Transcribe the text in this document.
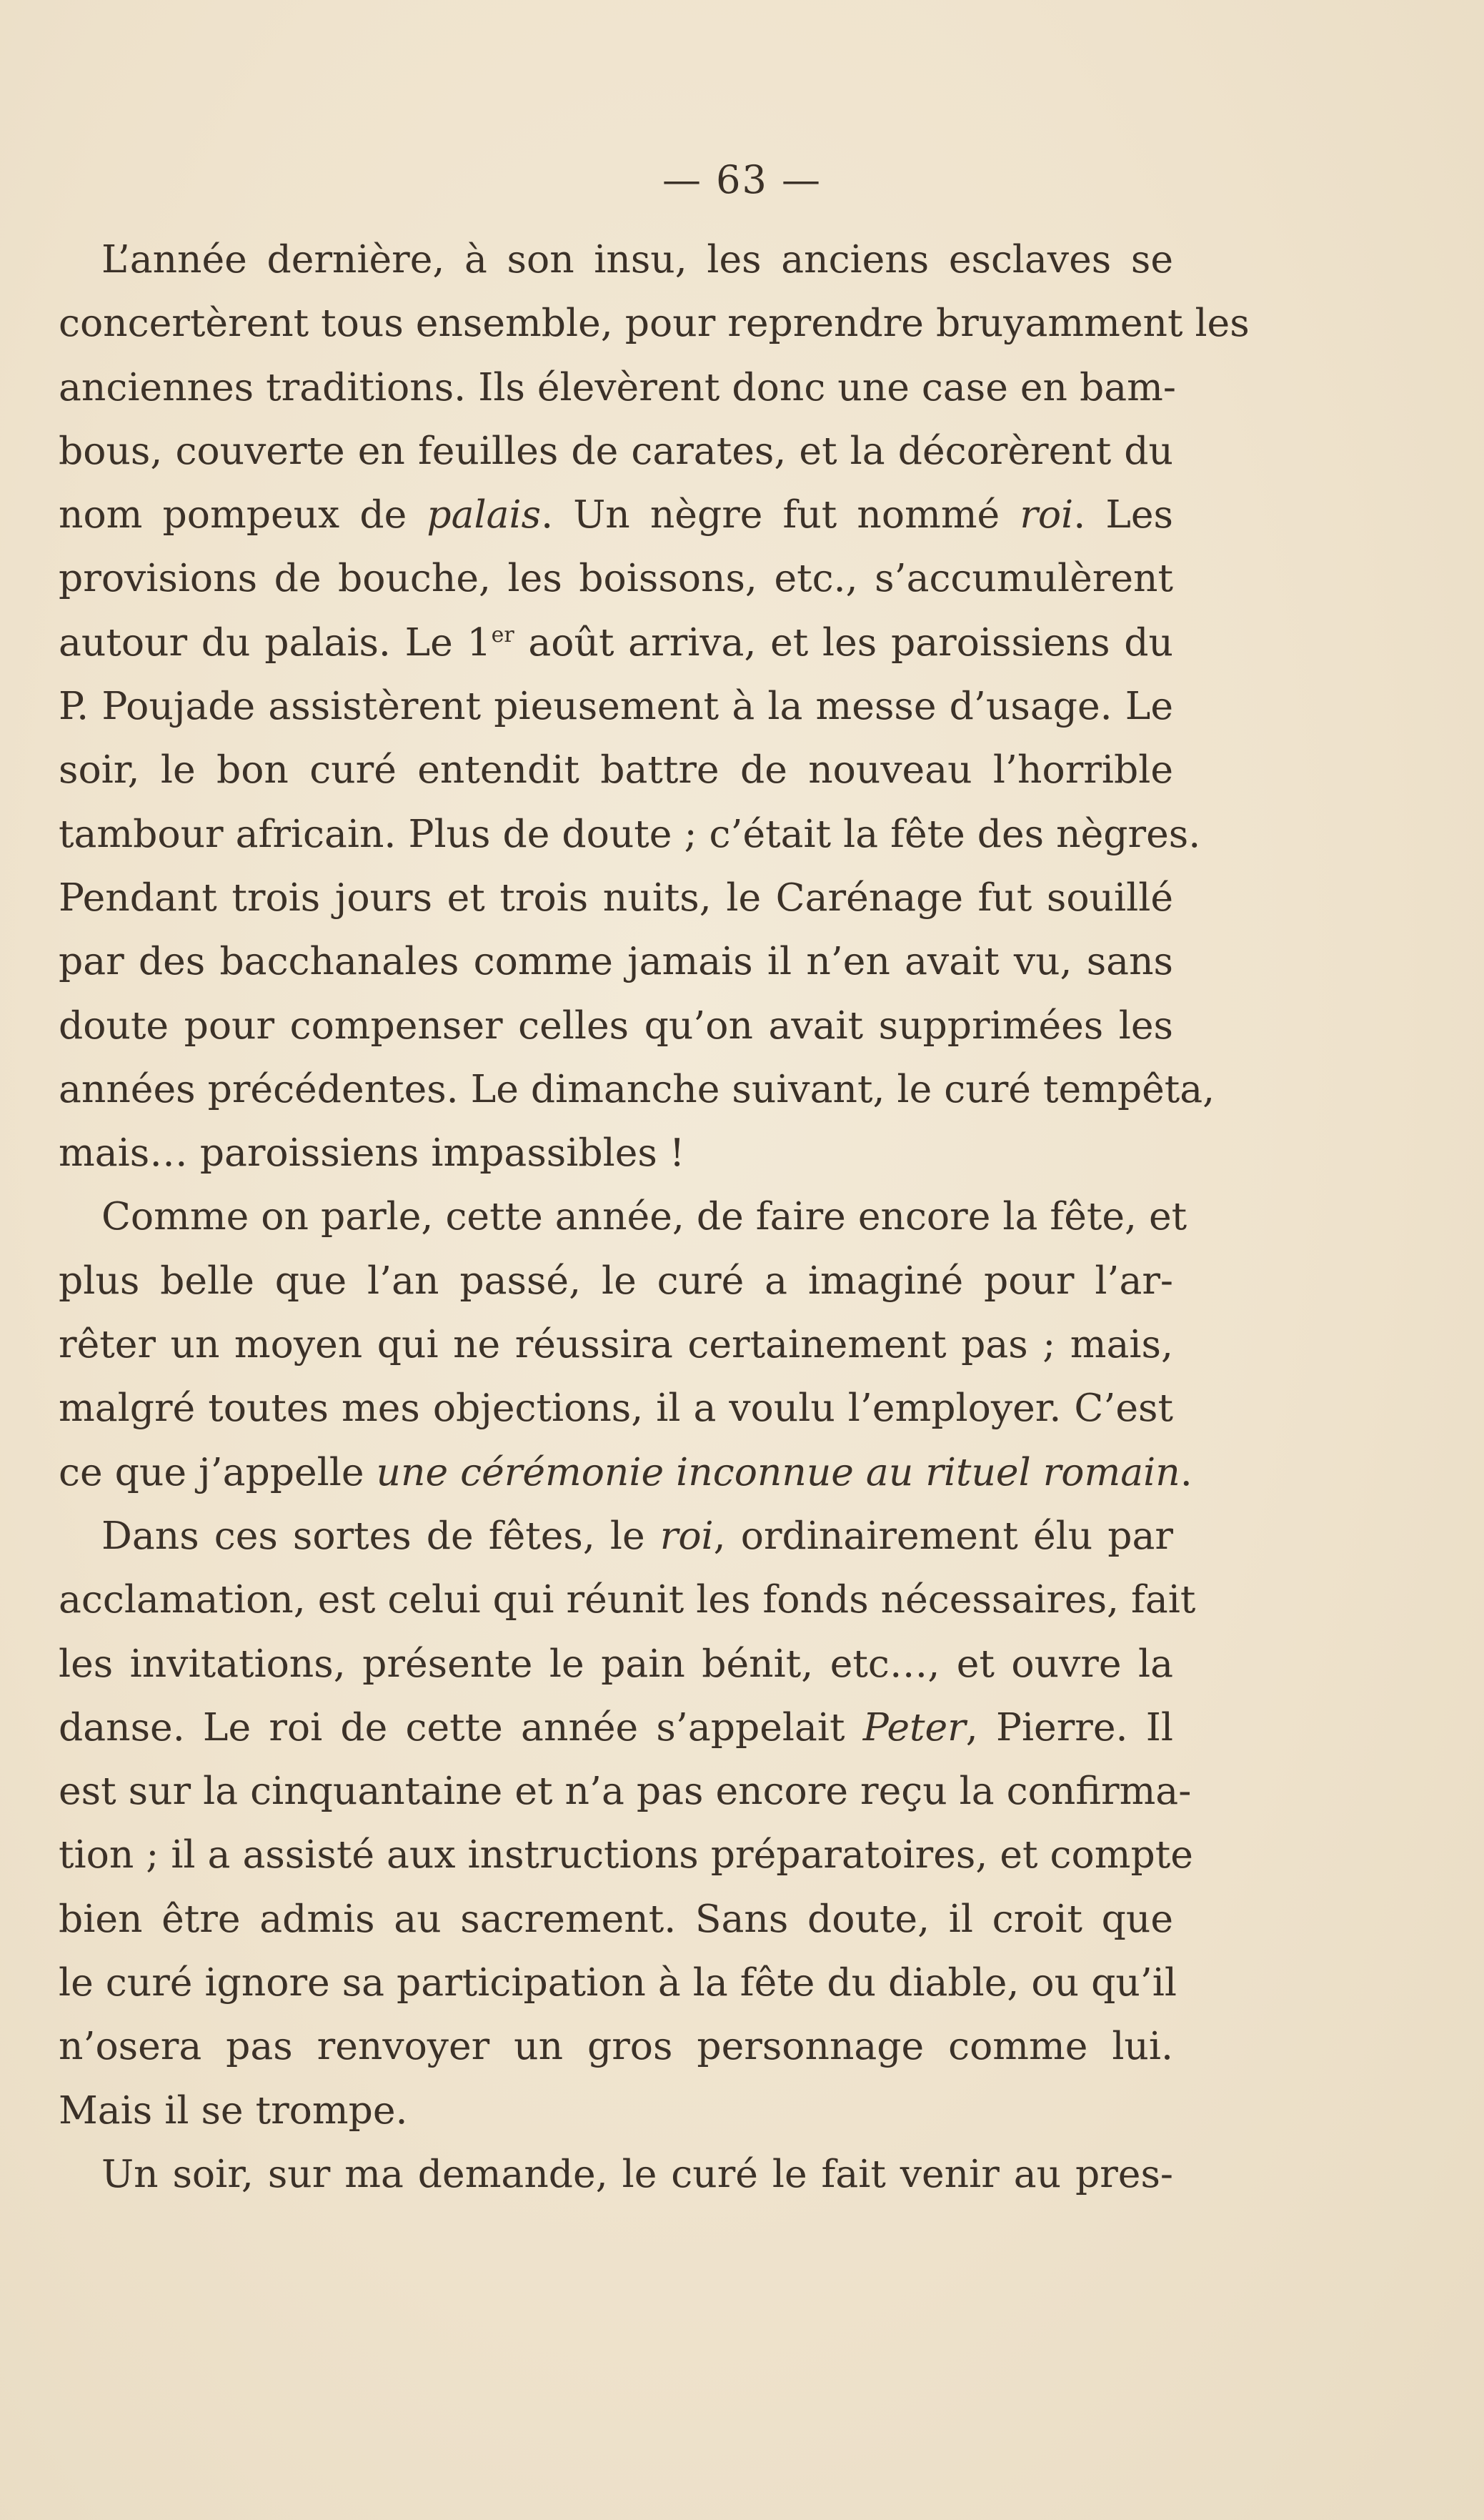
— 63 —
L’année dernière, à son insu, les anciens esclaves se
concertèrent tous ensemble, pour reprendre bruyamment les
anciennes traditions. Ils élevèrent donc une case en bam-
bous, couverte en feuilles de carates, et la décorèrent du
nom pompeux de palais. Un nègre fut nommé roi. Les
provisions de bouche, les boissons, etc., s’accumulèrent
autour du palais. Le 1er août arriva, et les paroissiens du
P. Poujade assistèrent pieusement à la messe d’usage. Le
soir, le bon curé entendit battre de nouveau l’horrible
tambour africain. Plus de doute ; c’était la fête des nègres.
Pendant trois jours et trois nuits, le Carénage fut souillé
par des bacchanales comme jamais il n’en avait vu, sans
doute pour compenser celles qu’on avait supprimées les
années précédentes. Le dimanche suivant, le curé tempêta,
mais… paroissiens impassibles !
Comme on parle, cette année, de faire encore la fête, et
plus belle que l’an passé, le curé a imaginé pour l’ar-
rêter un moyen qui ne réussira certainement pas ; mais,
malgré toutes mes objections, il a voulu l’employer. C’est
ce que j’appelle une cérémonie inconnue au rituel romain.
Dans ces sortes de fêtes, le roi, ordinairement élu par
acclamation, est celui qui réunit les fonds nécessaires, fait
les invitations, présente le pain bénit, etc…, et ouvre la
danse. Le roi de cette année s’appelait Peter, Pierre. Il
est sur la cinquantaine et n’a pas encore reçu la confirma-
tion ; il a assisté aux instructions préparatoires, et compte
bien être admis au sacrement. Sans doute, il croit que
le curé ignore sa participation à la fête du diable, ou qu’il
n’osera pas renvoyer un gros personnage comme lui.
Mais il se trompe.
Un soir, sur ma demande, le curé le fait venir au pres-
